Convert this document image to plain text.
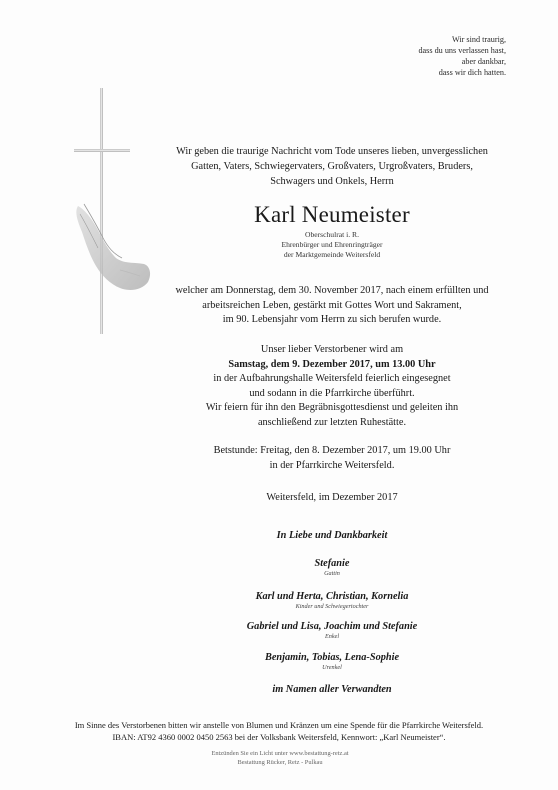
Wir sind traurig,
dass du uns verlassen hast,
aber dankbar,
dass wir dich hatten.
Wir geben die traurige Nachricht vom Tode unseres lieben, unvergesslichen
Gatten, Vaters, Schwiegervaters, Großvaters, Urgroßvaters, Bruders,
Schwagers und Onkels, Herrn
Karl Neumeister
Oberschulrat i. R.
Ehrenbürger und Ehrenringträger
der Marktgemeinde Weitersfeld
welcher am Donnerstag, dem 30. November 2017, nach einem erfüllten und
arbeitsreichen Leben, gestärkt mit Gottes Wort und Sakrament,
im 90. Lebensjahr vom Herrn zu sich berufen wurde.
Unser lieber Verstorbener wird am
Samstag, dem 9. Dezember 2017, um 13.00 Uhr
in der Aufbahrungshalle Weitersfeld feierlich eingesegnet
und sodann in die Pfarrkirche überführt.
Wir feiern für ihn den Begräbnisgottesdienst und geleiten ihn
anschließend zur letzten Ruhestätte.
Betstunde: Freitag, den 8. Dezember 2017, um 19.00 Uhr
in der Pfarrkirche Weitersfeld.
Weitersfeld, im Dezember 2017
In Liebe und Dankbarkeit
Stefanie
Gattin
Karl und Herta, Christian, Kornelia
Kinder und Schwiegertochter
Gabriel und Lisa, Joachim und Stefanie
Enkel
Benjamin, Tobias, Lena-Sophie
Urenkel
im Namen aller Verwandten
Im Sinne des Verstorbenen bitten wir anstelle von Blumen und Kränzen um eine Spende für die Pfarrkirche Weitersfeld.
IBAN: AT92 4360 0002 0450 2563 bei der Volksbank Weitersfeld, Kennwort: „Karl Neumeister“.
Entzünden Sie ein Licht unter www.bestattung-retz.at
Bestattung Rücker, Retz - Pulkau
